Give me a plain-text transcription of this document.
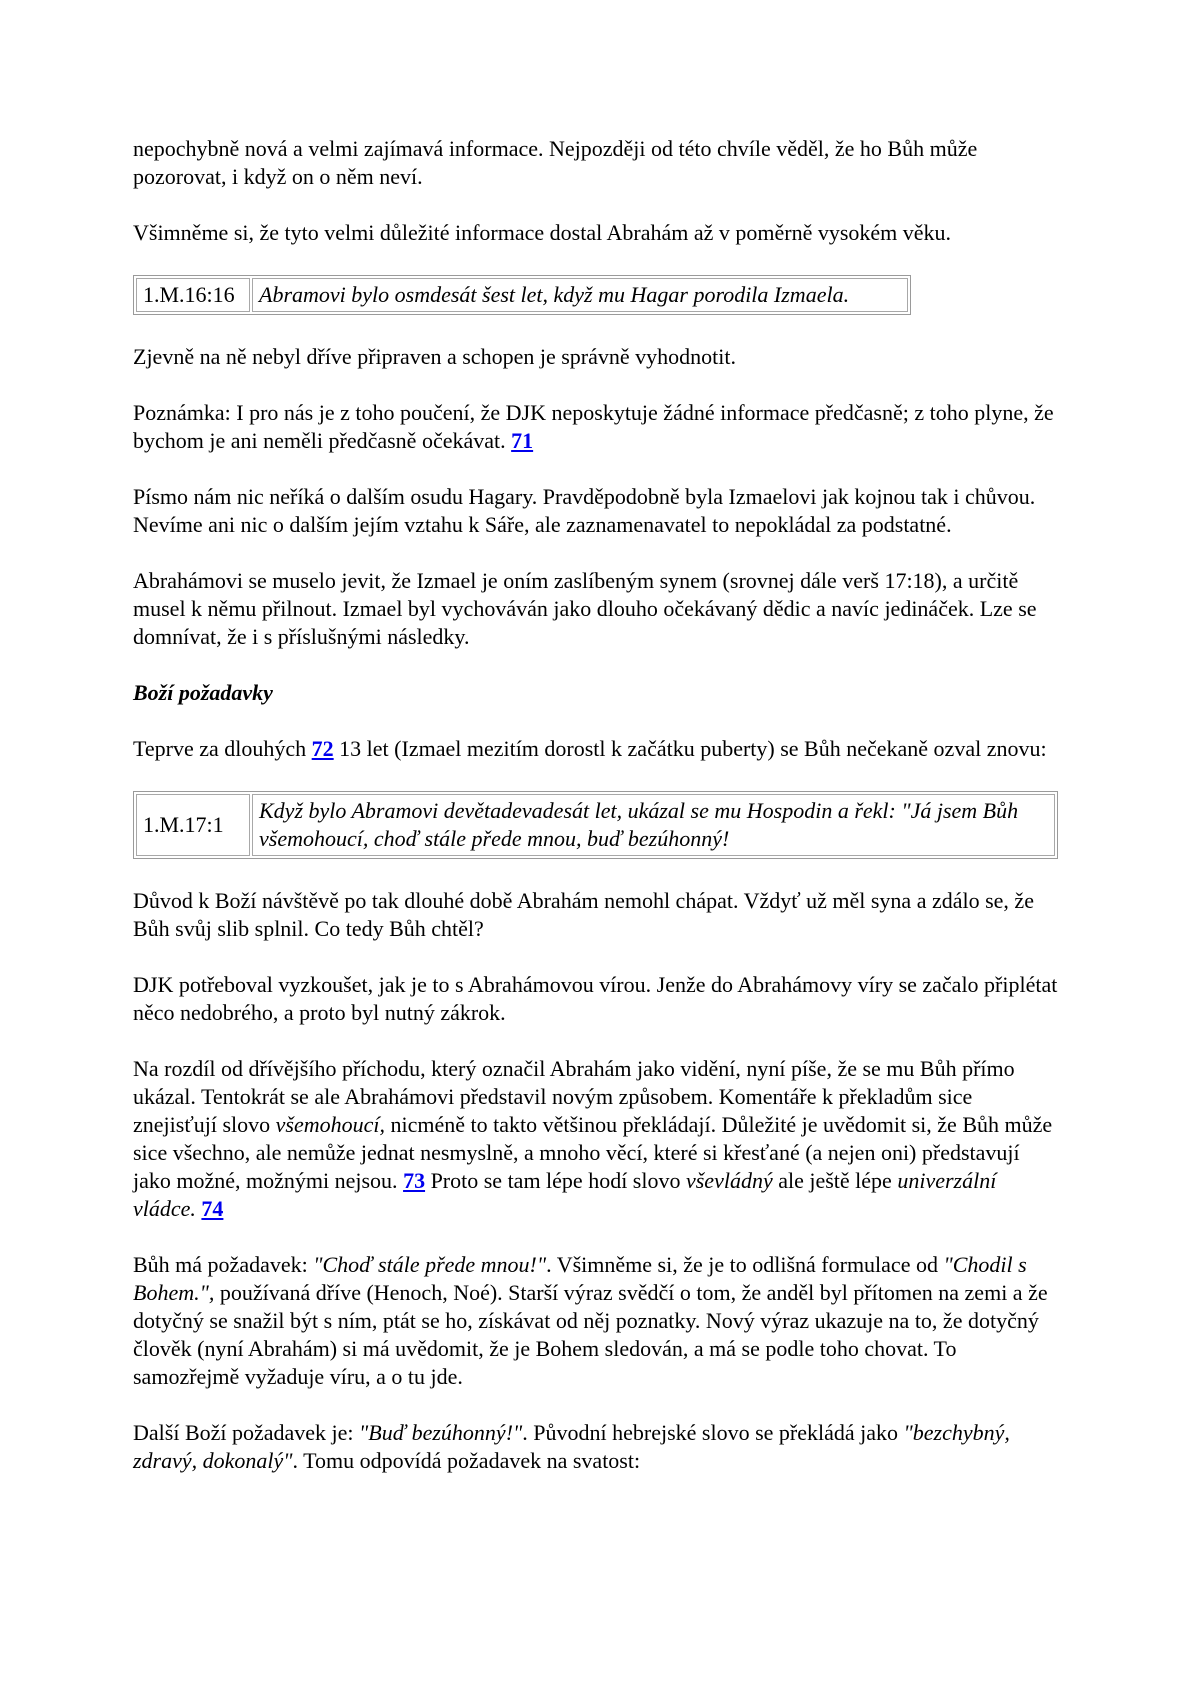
nepochybně nová a velmi zajímavá informace. Nejpozději od této chvíle věděl, že ho Bůh může pozorovat, i když on o něm neví.

Všimněme si, že tyto velmi důležité informace dostal Abrahám až v poměrně vysokém věku.

1.M.16:16	Abramovi bylo osmdesát šest let, když mu Hagar porodila Izmaela.

Zjevně na ně nebyl dříve připraven a schopen je správně vyhodnotit.

Poznámka: I pro nás je z toho poučení, že DJK neposkytuje žádné informace předčasně; z toho plyne, že bychom je ani neměli předčasně očekávat. 71

Písmo nám nic neříká o dalším osudu Hagary. Pravděpodobně byla Izmaelovi jak kojnou tak i chůvou. Nevíme ani nic o dalším jejím vztahu k Sáře, ale zaznamenavatel to nepokládal za podstatné.

Abrahámovi se muselo jevit, že Izmael je oním zaslíbeným synem (srovnej dále verš 17:18), a určitě musel k němu přilnout. Izmael byl vychováván jako dlouho očekávaný dědic a navíc jedináček. Lze se domnívat, že i s příslušnými následky.

Boží požadavky

Teprve za dlouhých 72 13 let (Izmael mezitím dorostl k začátku puberty) se Bůh nečekaně ozval znovu:

1.M.17:1	Když bylo Abramovi devětadevadesát let, ukázal se mu Hospodin a řekl: "Já jsem Bůh všemohoucí, choď stále přede mnou, buď bezúhonný!

Důvod k Boží návštěvě po tak dlouhé době Abrahám nemohl chápat. Vždyť už měl syna a zdálo se, že Bůh svůj slib splnil. Co tedy Bůh chtěl?

DJK potřeboval vyzkoušet, jak je to s Abrahámovou vírou. Jenže do Abrahámovy víry se začalo připlétat něco nedobrého, a proto byl nutný zákrok.

Na rozdíl od dřívějšího příchodu, který označil Abrahám jako vidění, nyní píše, že se mu Bůh přímo ukázal. Tentokrát se ale Abrahámovi představil novým způsobem. Komentáře k překladům sice znejisťují slovo všemohoucí, nicméně to takto většinou překládají. Důležité je uvědomit si, že Bůh může sice všechno, ale nemůže jednat nesmyslně, a mnoho věcí, které si křesťané (a nejen oni) představují jako možné, možnými nejsou. 73 Proto se tam lépe hodí slovo vševládný ale ještě lépe univerzální vládce. 74

Bůh má požadavek: "Choď stále přede mnou!". Všimněme si, že je to odlišná formulace od "Chodil s Bohem.", používaná dříve (Henoch, Noé). Starší výraz svědčí o tom, že anděl byl přítomen na zemi a že dotyčný se snažil být s ním, ptát se ho, získávat od něj poznatky. Nový výraz ukazuje na to, že dotyčný člověk (nyní Abrahám) si má uvědomit, že je Bohem sledován, a má se podle toho chovat. To samozřejmě vyžaduje víru, a o tu jde.

Další Boží požadavek je: "Buď bezúhonný!". Původní hebrejské slovo se překládá jako "bezchybný, zdravý, dokonalý". Tomu odpovídá požadavek na svatost:
